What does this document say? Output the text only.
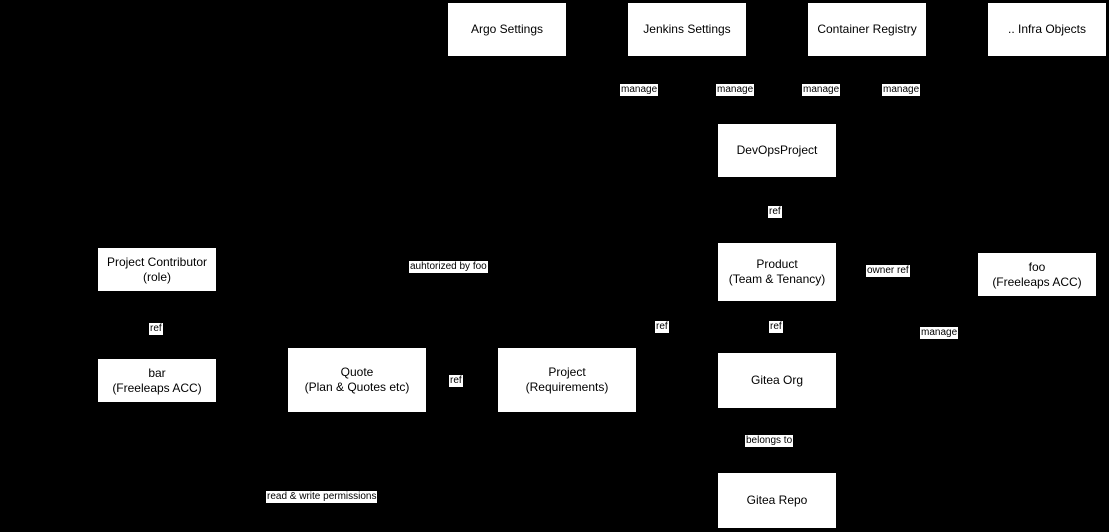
Argo Settings	Jenkins Settings	Container Registry	.. Infra Objects
DevOpsProject
Project Contributor
(role)
Product
(Team & Tenancy)
foo
(Freeleaps ACC)
bar
(Freeleaps ACC)
Quote
(Plan & Quotes etc)
Project
(Requirements)	Gitea Org
Gitea Repo
manage	manage	manage	manage
ref
auhtorized by foo	owner ref
ref	ref	ref
manage
ref
belongs to
read & write permissions
